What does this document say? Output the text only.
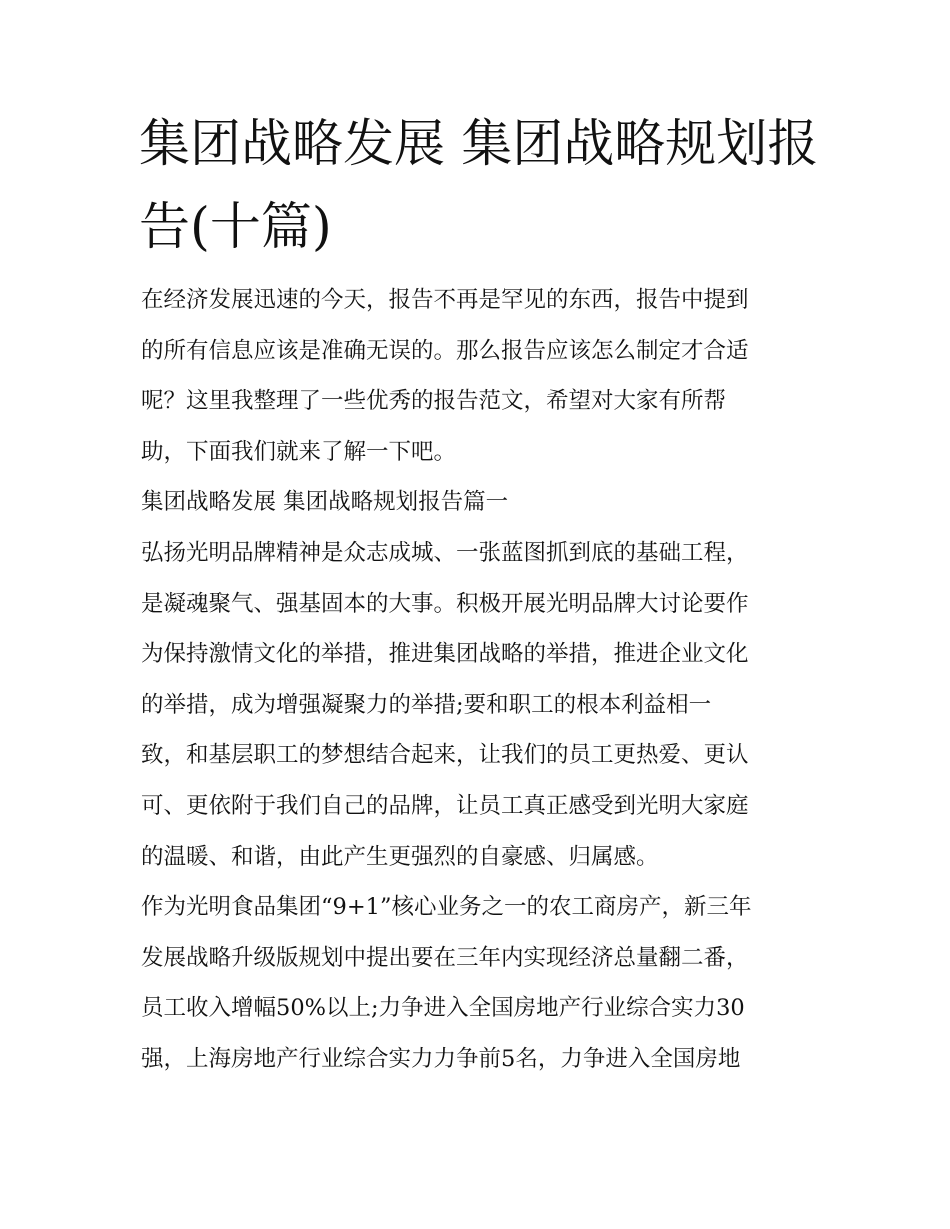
集团战略发展 集团战略规划报
告(十篇)
在经济发展迅速的今天，报告不再是罕见的东西，报告中提到
的所有信息应该是准确无误的。那么报告应该怎么制定才合适
呢？这里我整理了一些优秀的报告范文，希望对大家有所帮
助，下面我们就来了解一下吧。
集团战略发展 集团战略规划报告篇一
弘扬光明品牌精神是众志成城、一张蓝图抓到底的基础工程，
是凝魂聚气、强基固本的大事。积极开展光明品牌大讨论要作
为保持激情文化的举措，推进集团战略的举措，推进企业文化
的举措，成为增强凝聚力的举措;要和职工的根本利益相一
致，和基层职工的梦想结合起来，让我们的员工更热爱、更认
可、更依附于我们自己的品牌，让员工真正感受到光明大家庭
的温暖、和谐，由此产生更强烈的自豪感、归属感。
作为光明食品集团“9+1”核心业务之一的农工商房产，新三年
发展战略升级版规划中提出要在三年内实现经济总量翻二番，
员工收入增幅50%以上;力争进入全国房地产行业综合实力30
强，上海房地产行业综合实力力争前5名，力争进入全国房地
